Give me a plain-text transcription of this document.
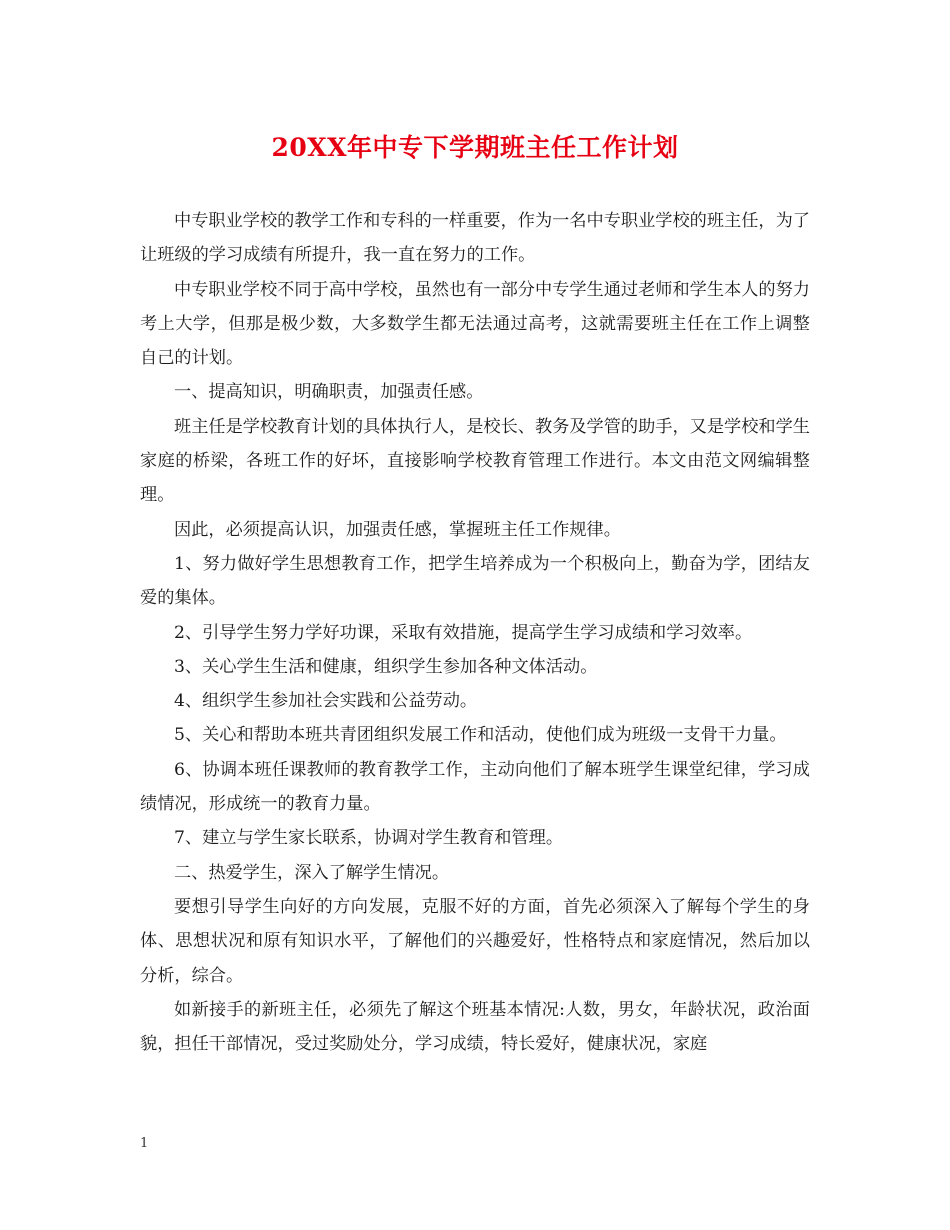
20XX年中专下学期班主任工作计划

中专职业学校的教学工作和专科的一样重要，作为一名中专职业学校的班主任，为了让班级的学习成绩有所提升，我一直在努力的工作。

中专职业学校不同于高中学校，虽然也有一部分中专学生通过老师和学生本人的努力考上大学，但那是极少数，大多数学生都无法通过高考，这就需要班主任在工作上调整自己的计划。

一、提高知识，明确职责，加强责任感。

班主任是学校教育计划的具体执行人，是校长、教务及学管的助手，又是学校和学生家庭的桥梁，各班工作的好坏，直接影响学校教育管理工作进行。本文由范文网编辑整理。

因此，必须提高认识，加强责任感，掌握班主任工作规律。

1、努力做好学生思想教育工作，把学生培养成为一个积极向上，勤奋为学，团结友爱的集体。

2、引导学生努力学好功课，采取有效措施，提高学生学习成绩和学习效率。

3、关心学生生活和健康，组织学生参加各种文体活动。

4、组织学生参加社会实践和公益劳动。

5、关心和帮助本班共青团组织发展工作和活动，使他们成为班级一支骨干力量。

6、协调本班任课教师的教育教学工作，主动向他们了解本班学生课堂纪律，学习成绩情况，形成统一的教育力量。

7、建立与学生家长联系，协调对学生教育和管理。

二、热爱学生，深入了解学生情况。

要想引导学生向好的方向发展，克服不好的方面，首先必须深入了解每个学生的身体、思想状况和原有知识水平，了解他们的兴趣爱好，性格特点和家庭情况，然后加以分析，综合。

如新接手的新班主任，必须先了解这个班基本情况:人数，男女，年龄状况，政治面貌，担任干部情况，受过奖励处分，学习成绩，特长爱好，健康状况，家庭

1
